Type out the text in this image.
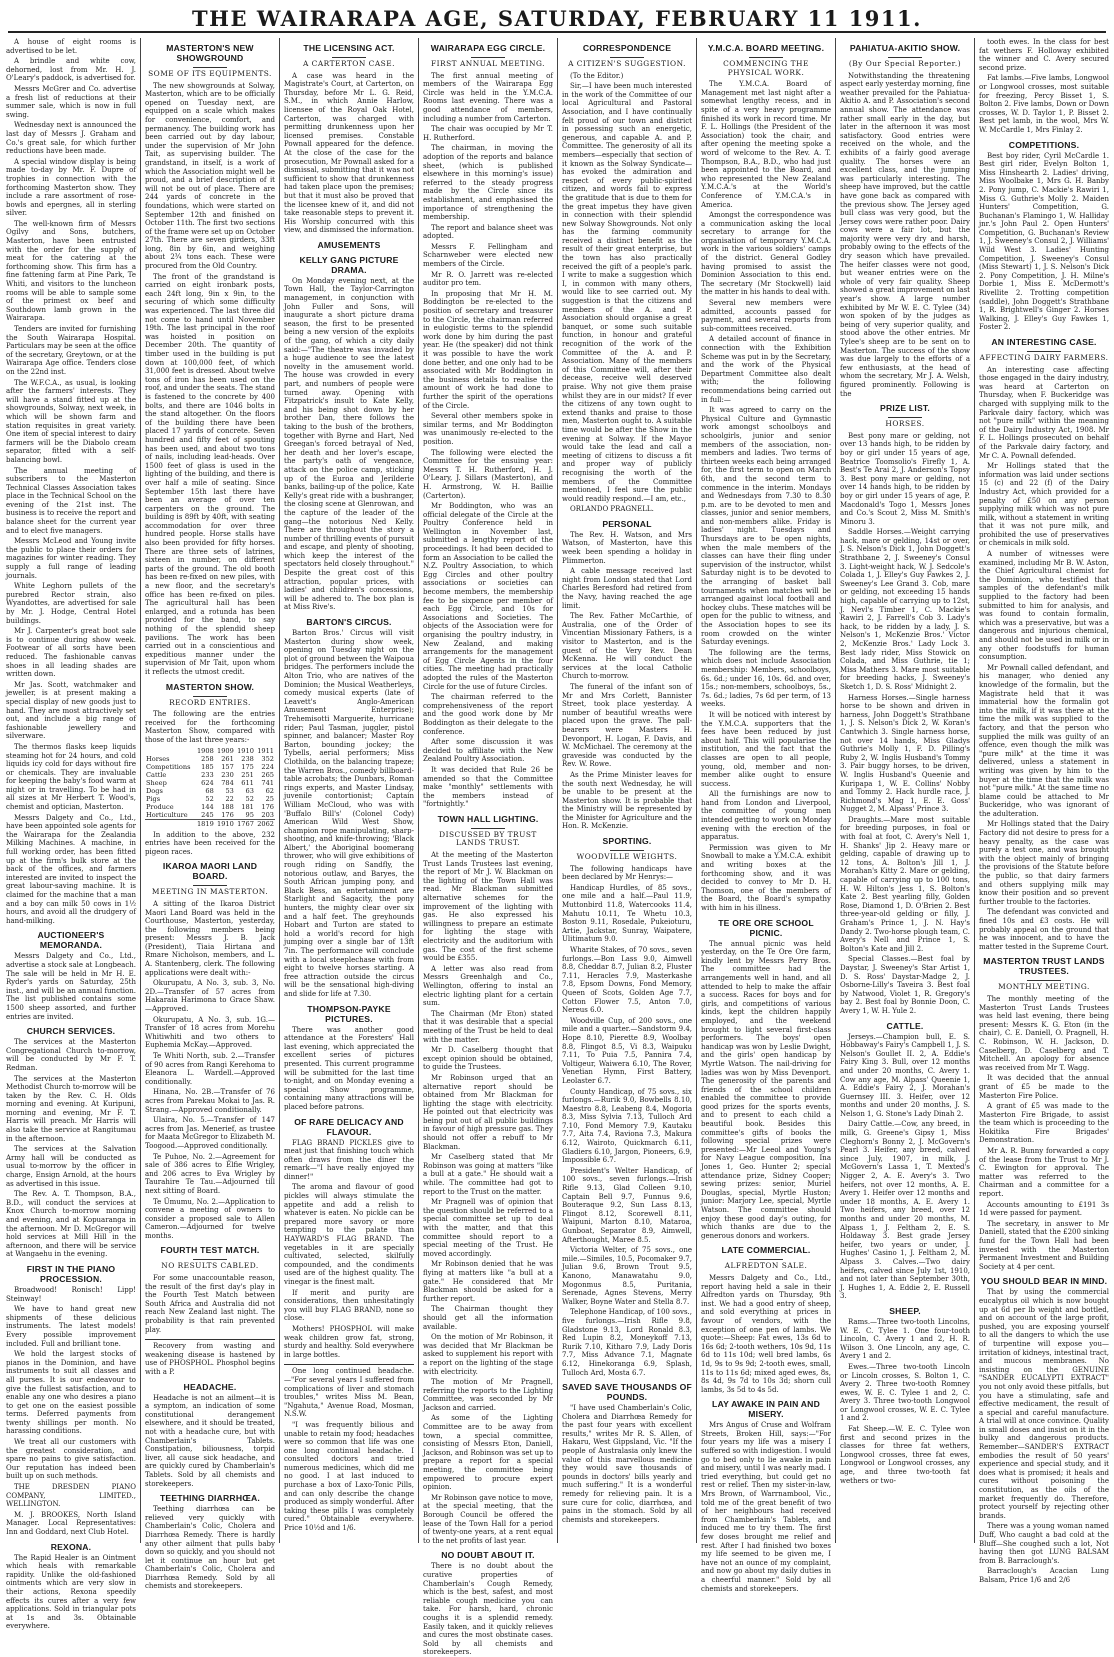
THE WAIRARAPA AGE, SATURDAY, FEBRUARY 11 1911.

A house of eight rooms is advertised to be let.

A brindle and white cow, dehorned, lost from Mr. H. J. O'Leary's paddock, is advertised for.

Messrs McGrer and Co. advertise a fresh list of reductions at their summer sale, which is now in full swing.

Wednesday next is announced the last day of Messrs J. Graham and Co.'s great sale, for which further reductions have been made.

A special window display is being made to-day by Mr. F. Dupre of trophies in connection with the forthcoming Masterton show. They include a rare assortment of rose-bowls and epergnes, all in sterling silver.

The well-known firm of Messrs Ogilvy and Sons, butchers, Masterton, have been entrusted with the order for the supply of meat for the catering at the forthcoming show. This firm has a fine fattening farm at Pine Park, Te Whiti, and visitors to the luncheon rooms will be able to sample some of the primest ox beef and Southdown lamb grown in the Wairarapa.

Tenders are invited for furnishing the South Wairarapa Hospital. Particulars may be seen at the office of the secretary, Greytown, or at the Wairarapa Age office. Tenders close on the 22nd inst.

The W.F.C.A., as usual, is looking after the farmers' interests. They will have a stand fitted up at the showgrounds, Solway, next week, in which will be shown farm and station requisites in great variety. One item of special interest to dairy farmers will be the Diabolo cream separator, fitted with a self-balancing bowl.

The annual meeting of subscribers to the Masterton Technical Classes Association takes place in the Technical School on the evening of the 21st inst. The business is to receive the report and balance sheet for the current year and to elect five managers.

Messrs McLeod and Young invite the public to place their orders for magazines for winter reading. They supply a full range of leading journals.

White Leghorn pullets of the purebred Rector strain, also Wyandottes, are advertised for sale by Mr. J. Hodge, Central Hotel buildings.

Mr J. Carpenter's great boot sale is to continue during show week. Footwear of all sorts have been reduced. The fashionable canvas shoes in all leading shades are written down.

Mr Jas. Scott, watchmaker and jeweller, is at present making a special display of new goods just to hand. They are most attractively set out, and include a big range of fashionable jewellery and silverware.

The thermos flasks keep liquids steaming hot for 24 hours, and cold liquids icy cold for days without fire or chemicals. They are invaluable for keeping the baby's food warm at night or in travelling. To be had in all sizes at Mr Herbert T. Wood's, chemist and optician, Masterton.

Messrs Dalgety and Co., Ltd., have been appointed sole agents for the Wairarapa for the Zealandia Milking Machines. A machine, in full working order, has been fitted up at the firm's bulk store at the back of the offices, and farmers interested are invited to inspect the great labour-saving machine. It is claimed for the machine that a man and a boy can milk 50 cows in 1½ hours, and avoid all the drudgery of hand-milking.

AUCTIONEER'S MEMORANDA.

Messrs Dalgety and Co., Ltd., advertise a stock sale at Longbeach. The sale will be held in Mr H. E. Ryder's yards on Saturday, 25th inst., and will be an annual function. The list published contains some 1500 sheep assorted, and further entries are invited.

CHURCH SERVICES.

The services at the Masterton Congregational Church to-morrow, will be conducted by Mr F. T. Redman.

The services at the Masterton Methodist Church to-morrow will be taken by the Rev. C. H. Olds morning and evening. At Kuripuni, morning and evening, Mr F. T. Harris will preach. Mr Harris will also take the service at Rangitumau in the afternoon.

The services at the Salvation Army hall will be conducted as usual to-morrow by the officer in charge, Ensign Arnold, at the hours as advertised in this issue.

The Rev. A. T. Thompson, B.A., B.D., will conduct the services at Knox Church to-morrow morning and evening, and at Kopuaranga in the afternoon. Mr D. McGregor will hold services at Mill Hill in the afternoon, and there will be service at Wangaehu in the evening.

FIRST IN THE PIANO PROCESSION.

Broadwood! Ronisch! Lipp! Steinway!

We have to hand great new shipments of these delicious instruments. The latest models! Every possible improvement included. Full and brilliant tone.

We hold the largest stocks of pianos in the Dominion, and have instruments to suit all classes and all purses. It is our endeavour to give the fullest satisfaction, and to enable any one who desires a piano to get one on the easiest possible terms. Deferred payments from twenty shillings per month. No harassing conditions.

We treat all our customers with the greatest consideration, and spare no pains to give satisfaction. Our reputation has indeed been built up on such methods.

THE DRESDEN PIANO COMPANY, LIMITED., WELLINGTON.

M. J. BROOKES, North Island Manager. Local Representatives: Inn and Goddard, next Club Hotel.

REXONA.

The Rapid Healer is an Ointment which heals with remarkable rapidity. Unlike the old-fashioned ointments which are very slow in their actions, Rexona speedily effects its cures after a very few applications. Sold in triangular pots at 1s and 3s. Obtainable everywhere.

MASTERTON'S NEW SHOWGROUND
SOME OF ITS EQUIPMENTS.

The new showgrounds at Solway, Masterton, which are to be officially opened on Tuesday next, are equipped on a scale which makes for convenience, comfort, and permanency. The building work has been carried out by day labour, under the supervision of Mr John Tait, as supervising builder. The grandstand, in itself, is a work of which the Association might well be proud, and a brief description of it will not be out of place. There are 244 yards of concrete in the foundations, which were started on September 12th and finished on October 11th. The first two sections of the frame were set up on October 27th. There are seven girders, 33ft long, 8in by 6in, and weighing about 2¾ tons each. These were procured from the Old Country.

The front of the grandstand is carried on eight ironbark posts, each 24ft long, 9in x 9in, to the securing of which some difficulty was experienced. The last three did not come to hand until November 19th. The last principal in the roof was hoisted in position on December 20th. The quantity of timber used in the building is put down at 100,000 feet, of which 31,000 feet is dressed. About twelve tons of iron has been used on the roof, and under the seats. The stand is fastened to the concrete by 400 bolts, and there are 1046 bolts in the stand altogether. On the floors of the building there have been placed 17 yards of concrete. Seven hundred and fifty feet of spouting has been used, and about two tons of nails, including lead-heads. Over 1500 feet of glass is used in the lighting of the building, and there is over half a mile of seating. Since September 15th last there have been an average of over ten carpenters on the ground. The building is 89ft by 40ft, with seating accommodation for over three hundred people. Horse stalls have also been provided for fifty horses. There are three sets of latrines, sixteen in number, on different parts of the ground. The old booth has been re-fixed on new piles, with a new floor, and the secretary's office has been re-fixed on piles. The agricultural hall has been enlarged, and a rotunda has been provided for the band, to say nothing of the splendid sheep pavilions. The work has been carried out in a conscientious and expeditious manner under the supervision of Mr Tait, upon whom it reflects the utmost credit.

MASTERTON SHOW.
RECORD ENTRIES.

The following are the entries received for the forthcoming Masterton Show, compared with those of the last three years:-

	1908	1909	1910	1911
Horses	258	261	238	352
Competitions	185	157	175	224
Cattle	233	230	251	265
Sheep	624	784	611	741
Dogs	68	53	63	62
Pigs	52	22	52	25
Produce	144	188	181	176
Horticulture	245	176	95	203
	1819	1910	1767	2062

In addition to the above, 232 entries have been received for the pigeon races.

IKAROA MAORI LAND BOARD.
MEETING IN MASTERTON.

A sitting of the Ikaroa District Maori Land Board was held in the Courthouse, Masterton, yesterday, the following members being present: Messrs J. B. Jack (President), Tiaia Hirtana and Rmare Nicholson, members, and L. A. Stantenberg, clerk. The following applications were dealt with:-

Okurupatu, A No. 3, sub. 3, No. 2D.—Transfer of 57 acres from Hakaraia Harimona to Grace Shaw.—Approved.

Okurupatu, A No. 3, sub. 1G.—Transfer of 18 acres from Morehu Whitiwhiti and two others to Euphemia McKay.—Approved.

Te Whiti North, sub. 2.—Transfer of 90 acres from Rangi Kerehoma to Eleanora L. Wardell.—Approved conditionally.

Hinana, No. 2B.—Transfer of 76 acres from Parekau Mokai to Jas. R. Strang.—Approved conditionally.

Ulaira, No. 5.—Transfer of 147 acres from Jas. Menerief, as trustee for Maata McGregor to Elizabeth M. Toogood.—Approved conditionally.

Te Puhoe, No. 2.—Agreement for sale of 386 acres to Elfie Wrigley, and 206 acres to Eva Wrigley by Taurahire Te Tau.—Adjourned till next sitting of Board.

Te Ümumu, No. 2.—Application to convene a meeting of owners to consider a proposed sale to Allen Cameron.—Adjourned for twelve months.

FOURTH TEST MATCH.
NO RESULTS CABLED.

For some unaccountable reason, the result of the first day's play in the Fourth Test Match between South Africa and Australia did not reach New Zealand last night. The probability is that rain prevented play.

Recovery from wasting and weakening disease is hastened by use of PHOSPHOL. Phosphol begins with a P.

HEADACHE.

Headache is not an ailment—it is a symptom, an indication of some constitutional derangement elsewhere, and it should be treated, not with a headache cure, but with Chamberlain's Tablets. Constipation, biliousness, torpid liver, all cause sick headache, and are quickly cured by Chamberlain's Tablets. Sold by all chemists and storekeepers.

TEETHING DIARRHŒA.

Teething diarrhœa can be relieved very quickly with Chamberlain's Colic, Cholera and Diarrhœa Remedy. There is hardly any other ailment that pulls baby down so quickly, and you should not let it continue an hour but get Chamberlain's Colic, Cholera and Diarrhœa Remedy. Sold by all chemists and storekeepers.

THE LICENSING ACT.
A CARTERTON CASE.

A case was heard in the Magistrate's Court, at Carterton, on Thursday, before Mr L. G. Reid, S.M., in which Annie Harlow, licensee of the Royal Oak Hotel, Carterton, was charged with permitting drunkenness upon her licensed premises. Constable Pownall appeared for the defence. At the close of the case for the prosecution, Mr Pownall asked for a dismissal, submitting that it was not sufficient to show that drunkenness had taken place upon the premises; but that it must also be proved that the licensee knew of it, and did not take reasonable steps to prevent it. His Worship concurred with this view, and dismissed the information.

AMUSEMENTS
KELLY GANG PICTURE DRAMA.

On Monday evening next, at the Town Hall, the Taylor-Carrington management, in conjunction with John Fuller and Sons, will inaugurate a short picture drama season, the first to be presented being a new version of the exploits of the gang, of which a city daily said:—"The theatre was invaded by a huge audience to see the latest novelty in the amusement world. The house was crowded in every part, and numbers of people were turned away. Opening with Fitzpatrick's insult to Kate Kelly, and his being shot down by her brother Dan, there follows the taking to the bush of the brothers, together with Byrne and Hart, Ned Greegan's forced betrayal of Ned, her death and her lover's escape, the party's oath of vengeance, attack on the police camp, sticking up of the Euroa and Jerilderie banks, bailing-up of the police, Kate Kelly's great ride with a bushranger, the closing scene at Glenrowan, and the capture of the leader of the gang—the notorious Ned Kelly. There are throughout the story a number of thrilling events of pursuit and escape, and plenty of shooting, which keep the interest of the spectators held closely throughout." Despite the great cost of this attraction, popular prices, with ladies' and children's concessions, will be adhered to. The box plan is at Miss Rive's.

BARTON'S CIRCUS.

Barton Bros.' Circus will visit Masterton during show week, opening on Tuesday night on the plot of ground between the Waipoua bridges. The performers include the Alton Trio, who are natives of the Dominion; the Musical Weatherleys, comedy musical experts (late of Leavett's Anglo-American Amusement Enterprise); Trehemisotti Marguerite, hurricane rider; Paul Tasman, juggler, pistol spinner, and balancer; Master Roy Barton, bounding jockey; the Tybells, aerial performers; Miss Clothilda, on the balancing trapeze; the Warren Bros., comedy billboard-table acrobats; the Dunbars, Roman rings experts, and Master Lindsay, juvenile contortionist; Captain William McCloud, who was with 'Buffalo Bill's' (Colonel Cody) American Wild West Show, champion rope manipulating, sharp-shooting, and knife-throwing; 'Black Albert,' the Aboriginal boomerang thrower, who will give exhibitions of rough riding on Sandfly, the notorious outlaw, and Baryes, the South African jumping pony, and Black Bess, an entertainment are Starlight and Sagacity, the pony hunters, the mighty clear over six and a half feet. The greyhounds Hobart and Turton are stated to hold a world's record for high jumping over a single bar of 13ft 7in. The performance will conclude with a local steeplechase with from eight to twelve horses starting. A free attraction outside the circus will be the sensational high-diving and slide for life at 7.30.

THOMPSON-PAYKE PICTURES.

There was another good attendance at the Foresters' Hall last evening, which appreciated the excellent series of pictures presented. This current programme will be submitted for the last time to-night, and on Monday evening a special Show programme, containing many attractions will be placed before patrons.

OF RARE DELICACY AND FLAVOUR.

FLAG BRAND PICKLES give to meat just that finishing touch which often draws from the diner the remark—"I have really enjoyed my dinner!"

The aroma and flavour of good pickles will always stimulate the appetite and add a relish to whatever is eaten. No pickle can be prepared more savory or more tempting to the palate than HAYWARD'S FLAG BRAND. The vegetables in it are specially cultivated, selected, skilfully compounded, and the condiments used are of the highest quality. The vinegar is the finest malt.

If merit and purity are considerations, then unhesitatingly you will buy FLAG BRAND, none so close.

Mothers! PHOSPHOL will make weak children grow fat, strong, sturdy and healthy. Sold everywhere in large bottles.

One long continued headache.—"For several years I suffered from complications of liver and stomach troubles," writes Miss M. Bean, "Ngahuta," Avenue Road, Mosman, N.S.W.

"I was frequently bilious and unable to retain my food; headaches were so common that life was one one long continual headache. I consulted doctors and tried numerous medicines, which did me no good. I at last induced to purchase a box of Laxo-Tonic Pills, and can only describe the change produced as simply wonderful. After taking these pills I was completely cured." Obtainable everywhere. Price 10½d and 1/6.

WAIRARAPA EGG CIRCLE.
FIRST ANNUAL MEETING.

The first annual meeting of members of the Wairarapa Egg Circle was held in the Y.M.C.A. Rooms last evening. There was a good attendance of members, including a number from Carterton.

The chair was occupied by Mr T. H. Rutherford.

The chairman, in moving the adoption of the reports and balance sheet, (which is published elsewhere in this morning's issue) referred to the steady progress made by the Circle since its establishment, and emphasised the importance of strengthening the membership.

The report and balance sheet was adopted.

Messrs F. Fellingham and Scharnweber were elected new members of the Circle.

Mr R. O. Jarrett was re-elected auditor pro tem.

In proposing that Mr H. M. Boddington be re-elected to the position of secretary and treasurer to the Circle, the chairman referred in eulogistic terms to the splendid work done by him during the past year. He (the speaker) did not think it was possible to have the work done better, and one only had to be associated with Mr Boddington in the business details to realise the amount of work he had done to further the spirit of the operations of the Circle.

Several other members spoke in similar terms, and Mr Boddington was unanimously re-elected to the position.

The following were elected the Committee for the ensuing year: Messrs T. H. Rutherford, H. J. O'Leary, J. Sillars (Masterton), and H. Armstrong, W. H. Baillie (Carterton).

Mr Boddington, who was an official delegate of the Circle at the Poultry Conference held in Wellington in November last, submitted a lengthy report of the proceedings. It had been decided to form an Association to be called the N.Z. Poultry Association, to which Egg Circles and other poultry associations or societies can become members, the membership fee to be sixpence per member of each Egg Circle, and 10s for Associations and Societies. The objects of the Association were for organising the poultry industry, in New Zealand, and making arrangements for the management of Egg Circle Agents in the four cities. The meeting had practically adopted the rules of the Masterton Circle for the use of future Circles.

The chairman referred to the comprehensiveness of the report and the good work done by Mr Boddington as their delegate to the conference.

After some discussion it was decided to affiliate with the New Zealand Poultry Association.

It was decided that Rule 26 be amended so that the Committee make "monthly" settlements with the members instead of "fortnightly."

TOWN HALL LIGHTING.
DISCUSSED BY TRUST LANDS TRUST.

At the meeting of the Masterton Trust Lands Trustees last evening, the report of Mr J. W. Blackman on the lighting of the Town Hall was read. Mr Blackman submitted alternative schemes for the improvement of the lighting with gas. He also expressed his willingness to prepare an estimate for lighting the stage with electricity and the auditorium with gas. The cost of the first scheme would be £355.

A letter was also read from Messrs Greenhalgh and Co., Wellington, offering to instal an electric lighting plant for a certain sum.

The Chairman (Mr Eton) stated that it was desirable that a special meeting of the Trust be held to deal with the matter.

Mr D. Caselberg thought that except opinion should be obtained, to guide the Trustees.

Mr Robinson urged that an alternative report should be obtained from Mr Blackman for lighting the stage with electricity. He pointed out that electricity was being put out of all public buildings in favour of high pressure gas. They should not offer a rebuff to Mr Blackman.

Mr Caselberg stated that Mr Robinson was going at matters "like a bull at a gate." He should wait a while. The committee had got to report to the Trust on the matter.

Mr Pragnell was of opinion that the question should be referred to a special committee set up to deal with the matter, and that this committee should report to a special meeting of the Trust. He moved accordingly.

Mr Robinson denied that he was flying at matters like "a bull at a gate." He considered that Mr Blackman should be asked for a further report.

The Chairman thought they should get all the information available.

On the motion of Mr Robinson, it was decided that Mr Blackman be asked to supplement his report with a report on the lighting of the stage with electricity.

The motion of Mr Pragnell, referring the reports to the Lighting Committee, was seconded by Mr Jackson and carried.

As some of the Lighting Committee are to be away from town, a special committee, consisting of Messrs Eton, Daniell, Jackson, and Robinson was set up to prepare a report for a special meeting, the committee being empowered to procure expert opinion.

Mr Robinson gave notice to move, at the special meeting, that the Borough Council be offered the lease of the Town Hall for a period of twenty-one years, at a rent equal to the net profits of last year.

NO DOUBT ABOUT IT.

There is no doubt about the curative properties of Chamberlain's Cough Remedy, which is the best, safest, and most reliable cough medicine you can take. For harsh, hard, chronic coughs it is a splendid remedy. Easily taken, and it quickly relieves and cures the most obstinate cases. Sold by all chemists and storekeepers.

CORRESPONDENCE
A CITIZEN'S SUGGESTION.

(To the Editor.)

Sir,—I have been much interested in the work of the Committee of our local Agricultural and Pastoral Association, and I have continually felt proud of our town and district in possessing such an energetic, generous, and capable A. and P. Committee. The generosity of all its members—especially that section of it known as the Solway Syndicate—has evoked the admiration and respect of every public-spirited citizen, and words fail to express the gratitude that is due to them for the great impetus they have given in connection with their splendid new Solway Showgrounds. Not only has the farming community received a distinct benefit as the result of their great enterprise, but the town has also practically received the gift of a people's park. I write to make a suggestion which I, in common with many others, would like to see carried out. My suggestion is that the citizens and members of the A. and P. Association should organise a great banquet, or some such suitable function, in honour and grateful recognition of the work of the Committee of the A. and P. Association. Many of the members of this Committee will, after their decease, receive well deserved praise. Why not give them praise whilst they are in our midst? If ever the citizens of any town ought to extend thanks and praise to those men, Masterton ought to. A suitable time would be after the Show in the evening at Solway. If the Mayor would take the lead and call a meeting of citizens to discuss a fit and proper way of publicly recognising the worth of the members of the Committee mentioned, I feel sure the public would readily respond.—I am, etc.,

ORLANDO PRAGNELL.

PERSONAL

The Rev. H. Watson, and Mrs Watson, of Masterton, have this week been spending a holiday in Plimmerton.

A cable message received last night from London stated that Lord Charles Beresford had retired from the Navy, having reached the age limit.

The Rev. Father McCarthie, of Australia, one of the Order of Vincentian Missionary Fathers, is a visitor to Masterton, and is the guest of the Very Rev. Dean McKenna. He will conduct the services at the local Catholic Church to-morrow.

The funeral of the infant son of Mr and Mrs Corlett, Bannister Street, took place yesterday. A number of beautiful wreaths were placed upon the grave. The pall-bearers were Masters H. Devonport, H. Logan, F. Davis, and W. McMichael. The ceremony at the graveside was conducted by the Rev. W. Rowe.

As the Prime Minister leaves for the south next Wednesday, he will be unable to be present at the Masterton show. It is probable that the Ministry will be represented by the Minister for Agriculture and the Hon. R. McKenzie.

SPORTING.
WOODVILLE WEIGHTS.

The following handicaps have been declared by Mr Henrys:—

Handicap Hurdles, of 85 sovs., one mile and a half.—Paul 11.9, Muttonbird 11.8, Watercooks 11.4, Mahutu 10.11, Te Whetu 10.3, Boston 9.11, Rosedale, Pukeioturu, Artie, Jackstar, Sunray, Waipatere, Ulitimatum 9.0.

Wharite Stakes, of 70 sovs., seven furlongs.—Bon Lass 9.0, Aimwell 8.8, Cheddar 8.7, Julian 8.2, Fluster 7.11, Heracles 7.9, Masterkashe 7.8, Epsom Downs, Fond Memory, Queen of Scots, Golden Age 7.7, Cotton Flower 7.5, Anton 7.0, Nereus 6.0.

Woodville Cup, of 200 sovs., one mile and a quarter.—Sandstorm 9.4, Hope 8.10, Pierette 8.9, Woolbay 8.8, Flingot 8.5, Vi 8.3, Waipuku 7.11, To Puia 7.5, Pannira 7.4, Voltigeur, Waiwera 6.10, The Rover, Venetian Hymn, First Battery, Leolaster 6.7.

County Handicap, of 75 sovs., six furlongs.—Rurik 9.0, Bowbells 8.10, Maestro 8.8, Leabeng 8.4, Mogoria 8.3, Miss Sylvia 7.13, Tulloch Ard 7.10, Fond Memory 7.9, Kautaku 7.7, Aita 7.4, Raviona 7.3, Makura 6.12, Wairoto, Quickmarch 6.11, Gladiers 6.10, Jargon, Pioneers, 6.9, Impossible 6.7.

President's Welter Handicap, of 100 sovs., seven furlongs.—Irish Rifle 9.13, Glad Colleen 9.10, Captain Bell 9.7, Funnus 9.6, Bouteraque 9.2, Sun Lass 8.13, Flingot 8.12, Scorewell 8.11, Waipuni, Marton 8.10, Mataroa, Gunboat, Separator 8.9, Aimwell, Afterthought, Maree 8.5.

Victoria Welter, of 75 sovs., one mile.—Similes, 10.5, Pocomaker 9.7, Julian 9.6, Brown Trout 9.5, Kanono, Manawatahu 9.0, Mogonmus 8.5, Puritania, Serenade, Agnes Stevens, Merry Walker, Boyne Water and Stella 8.7.

Telephone Handicap, of 100 sovs., five furlongs.—Irish Rifle 9.8, Gladstone 9.13, Lord Ronald 8.3, Red Lupin 8.2, Moneykoff 7.13, Rurik 7.10, Kitharo 7.9, Lady Doris 7.7, Miss Advance 7.1, Magnate 6.12, Hinekoranga 6.9, Splash, Tulloch Ard, Mosta 6.7.

SAVED SAVE THOUSANDS OF POUNDS.

"I have used Chamberlain's Colic, Cholera and Diarrhœa Remedy for the past four years with excellent results," writes Mr R. S. Allen, of Hakaru, West Gippsland, Vic. "If the people of Australasia only knew the value of this marvellous medicine they would save thousands of pounds in doctors' bills yearly and much suffering." It is a wonderful remedy for relieving pain. It is a sure cure for colic, diarrhœa, and pains in the stomach. Sold by all chemists and storekeepers.

Y.M.C.A. BOARD MEETING.
COMMENCING THE PHYSICAL WORK.

The Y.M.C.A. Board of Management met last night after a somewhat lengthy recess, and in spite of a very heavy programme finished its work in record time. Mr F. L. Hollings (the President of the Association) took the chair, and after opening the meeting spoke a word of welcome to the Rev. A. T. Thompson, B.A., B.D., who had just been appointed to the Board, and who represented the New Zealand Y.M.C.A.'s at the World's Conference of Y.M.C.A.'s in America.

Amongst the correspondence was a communication asking the local secretary to arrange for the organisation of temporary Y.M.C.A. work in the various soldiers' camps of the district. General Godley having promised to assist the Dominion Association to this end. The secretary (Mr Stockwell) laid the matter in his hands to deal with.

Several new members were admitted, accounts passed for payment, and several reports from sub-committees received.

A detailed account of finance in connection with the Exhibition Scheme was put in by the Secretary, and the work of the Physical Department Committee also dealt with; the following recommendations being carried out in full:—

It was agreed to carry on the Physical Culture and Gymnastic work amongst schoolboys and schoolgirls, junior and senior members of the association, non-members and ladies. Two terms of thirteen weeks each being arranged for, the first term to open on March 6th, and the second term to commence in the interim. Mondays and Wednesdays from 7.30 to 8.30 p.m. are to be devoted to men and classes, junior and senior members, and non-members alike. Friday is ladies' night. Tuesdays and Thursdays are to be open nights, when the male members of the classes can have their fling under supervision of the instructor, whilst Saturday night is to be devoted to the arranging of basket ball tournaments when matches will be arranged against local football and hockey clubs. These matches will be open for the public to witness, and the Association hopes to see its room crowded on the winter Saturday evenings.

The following are the terms, which does not include Association membership: Members, schoolboys, 6s. 6d.; under 16, 10s. 6d. and over, 15s.; non-members, schoolboys, 5s., 7s. 6d.; ladies, 7s 6d per term, of 13 weeks.

It will be noticed with interest by the Y.M.C.A. supporters that the fees have been reduced by just about half. This will popularise the institution, and the fact that the classes are open to all people, young, old, member and non-member alike ought to ensure success.

All the furnishings are now to hand from London and Liverpool, the committee of young men intended getting to work on Monday evening with the erection of the apparatus.

Permission was given to Mr Snowball to make a Y.M.C.A. exhibit and writing boxes at the forthcoming show, and it was decided to convey to Mr D. H. Thomson, one of the members of the Board, the Board's sympathy with him in his illness.

TE ORE ORE SCHOOL PICNIC.

The annual picnic was held yesterday, on the Te Ore Ore farm, kindly lent by Messrs Perry Bros. The committee had the arrangements well in hand, and all attended to help to make the affair a success. Races for boys and for girls, and competitions of various kinds, kept the children happily employed, and the weekend brought to light several first-class performers. The boys' open handicap was won by Leslie Dwight, and the girls' open handicap by Myrtle Watson. The nail-driving for ladies was won by Miss Devenport. The generosity of the parents and friends of the school children enabled the committee to provide good prizes for the sports events, and to present to each child a beautiful book. Besides this committee's gifts of books the following special prizes were presented:—Mr Leeol and Young's for Navy League composition, Ina Jones 1, Geo. Hunter 2; special attendance prize, Sidney Cooper; sewing prizes: senior, Muriel Douglas, special, Myrtle Huston; junior: Marjory Lee, special, Myrtle Watson. The committee should enjoy these good day's outing, for which thanks are due to the generous donors and workers.

LATE COMMERCIAL.
ALFREDTON SALE.

Messrs Dalgety and Co., Ltd., report having held a sale in their Alfredton yards on Thursday, 9th inst. We had a good entry of sheep, and sold everything at prices in favour of vendors, with the exception of one pen of lambs. We quote:—Sheep: Fat ewes, 13s 6d to 16s 6d; 2-tooth wethers, 10s 9d, 11s 6d to 11s 10d; well bred lambs, 6s 1d, 9s to 9s 9d; 2-tooth ewes, small, 11s to 11s 6d; mixed aged ewes, 8s, 8s 4d, 9s 7d to 10s 3d; shorn cull lambs, 3s 5d to 4s 5d.

LAY AWAKE IN PAIN AND MISERY.

Mrs Angus of Cruse and Wolfram Streets, Broken Hill, says:—"For four years my life was a misery I suffered so with indigestion. I would go to bed only to lie awake in pain and misery, until I was nearly mad. I tried everything, but could get no rest or relief. Then my sister-in-law, Mrs Brown, of Warrnambool, Vic., told me of the great benefit of two of her neighbours had received from Chamberlain's Tablets, and induced me to try them. The first few doses brought me relief and rest. After I had finished two boxes my life seemed to be given me, I have not an ounce of my complaint, and now go about my daily duties in a cheerful manner." Sold by all chemists and storekeepers.

PAHIATUA-AKITIO SHOW.
(By Our Special Reporter.)

Notwithstanding the threatening aspect early yesterday morning, fine weather prevailed for the Pahiatua-Akitio A. and P. Association's second annual show. The attendance was rather small early in the day, but later in the afternoon it was most satisfactory. Good entries were received on the whole, and the exhibits of a fairly good average quality. The horses were an excellent class, and the jumping was particularly interesting. The sheep have improved, but the cattle have gone back as compared with the previous show. The Jersey aged bull class was very good, but the Jersey cows were rather poor. Dairy cows were a fair lot, but the majority were very dry and harsh, probably owing to the effects of the dry season which have prevailed. The heifer classes were not good, but weaner entries were on the whole of very fair quality. Sheep showed a great improvement on last year's show. A large number exhibited by Mr W. E. C. Tylee (34) won spoken of by the judges as being of very superior quality, and stood above the other entries. Mr Tylee's sheep are to be sent on to Masterton. The success of the show was due largely to the efforts of a few enthusiasts, at the head of whom the secretary, Mr J. A. Welsh, figured prominently. Following is the

PRIZE LIST.
HORSES.

Best pony mare or gelding, not over 13 hands high, to be ridden by boy or girl under 15 years of age, Beatrice Toomsolio's Firefly 1, A. Best's Te Arai 2, J. Anderson's Topsy 3. Best pony mare or gelding, not over 14 hands high, to be ridden by boy or girl under 15 years of age, P. Macdonald's Togo 1, Messrs Jones and Co.'s Scout 2, Miss M. Smith's Minoru 3.

Saddle Horses.—Weight carrying hack, mare or gelding, 14st or over, J. S. Nelson's Dick 1, John Doggett's Strathbane 2, J. Sweeney's Consul 3. Light-weight hack, W. J. Sedcole's Colada 1, J. Elley's Guy Fawkes 2, J. Sweeney's Lee Grand 3. Cob, mare or gelding, not exceeding 15 hands high, capable of carrying up to 12st, J. Nevl's Timber 1, C. Mackie's Rawiri 2, J. Farrell's Cob 3. Lady's hack, to be ridden by a lady, J. S. Nelson's 1, McKenzie Bros.' Victor 2, McKenzie Bros.' Lady Lock 3. Best lady rider, Miss Stowick on Colada, and Miss Guthrie, tie 1; Miss Mathers 3. Mare most suitable for breeding hacks, J. Sweeney's Sketch 1, D. S. Ross' Midnight 2.

Harness Horses.—Single harness horse to be shown and driven in harness, John Doggett's Strathbane 1, J. S. Nelson's Dick 2, W. Koran's Cantwhich 3. Single harness horse, not over 14 hands, Miss Gladys Guthrie's Molly 1, F. D. Pilling's Ruby 2, W. Inglis Husband's Tommy 3. Pair buggy horses, to be driven, W. Inglis Husband's Queenie and Kuripapa 1, W. E. Collins' Nobby and Tommy 2. Hack hurdle race, J. Richmond's Mag 1, E. E. Goss' Nugget 2, M. Alpass' Prince 3.

Draughts.—Mare most suitable for breeding purposes, in foal or with foal at foot, C. Avery's Nell 1, H. Shanks' Jip 2. Heavy mare or gelding, capable of drawing up to 12 tons, A. Bolton's Jill 1, J. Morahan's Kitty 2. Mare or gelding, capable of carrying up to 100 tons, H. W. Hilton's Jess 1, S. Bolton's Kate 2. Best yearling filly, Golden Rose, Diamond 1, D. O'Brien 2. Best three-year-old gelding or filly, J. Graham's Prince 1, J. N. Hay's Dandy 2. Two-horse plough team, C. Avery's Nell and Prince 1, S. Bolton's Kate and Jill 2.

Special Classes.—Best foal by Daystar, J. Sweeney's Star Artist 1, D. S. Ross' Daystar-Madge 2, J. Osborne-Lilly's Taveira 3. Best foal by Natwood, Violet 1, R. Gregory's bay 2. Best foal by Bonnie Doon, C. Avery 1, W. H. Yule 2.

CATTLE.

Jerseys.—Champion bull, E. S. Hobbaway's Fairy's Campbell 1, J. S. Nelson's Goullet II. 2, A. Eddie's Fairy King 3. Bull, over 12 months and under 20 months, C. Avery 1. Cow any age, M. Alpass' Queenie 1, A. Eddie's Fairy 2, J. Morahan's Guernsey III. 3. Heifer, over 12 months and under 20 months, J. S. Nelson 1, G. Stone's Lady Dinah 2.

Dairy Cattle.—Cow, any breed, in milk, G. Greene's Gipsy 1, Miss Cleghorn's Bonny 2, J. McGovern's Pearl 3. Heifer, any breed, calved since July, 1907, in milk, J. McGovern's Lassa 1, T. Mexted's Nigger 2, A. E. Avery's 3. Two heifers, not over 12 months, A. E. Avery 1. Heifer over 12 months and under 18 months, A. E. Avery 1. Two heifers, any breed, over 12 months and under 20 months, M. Alpass 1, J. Feltham 2, E. S. Holdaway 3. Best grade Jersey heifer, two years or under, J. Hughes' Casino 1, J. Feltham 2, M. Alpass 3. Calves.—Two dairy heifers, calved since July 1st, 1910, and not later than September 30th, J. Hughes 1, A. Eddie 2, E. Russell 3.

SHEEP.

Rams.—Three two-tooth Lincolns, W. E. C. Tylee 1. One four-tooth Lincoln, C. Avery 1 and 2, H. R. Wilson 3. One Lincoln, any age, C. Avery 1 and 2.

Ewes.—Three two-tooth Lincoln or Lincoln crosses, S. Bolton 1, C. Avery 2. Three two-tooth Romney ewes, W. E. C. Tylee 1 and 2, C. Avery 3. Three two-tooth Longwool or Longwool crosses, W. E. C. Tylee 1 and 2.

Fat Sheep.—W. E. C. Tylee won first and second prizes in the classes for three fat wethers, Longwool crosses, three fat ewes, Longwool or Longwool crosses, any age, and three two-tooth fat wethers or two-

tooth ewes. In the class for best fat wethers F. Holloway exhibited the winner and C. Avery secured second prize.

Fat lambs.—Five lambs, Longwool or Longwool crosses, most suitable for freezing, Percy Bisset 1, S. Bolton 2. Five lambs, Down or Down crosses, W. D. Taylor 1, P. Bisset 2. Best pet lamb, in the wool, Mrs W. W. McCardle 1, Mrs Finlay 2.

COMPETITIONS.

Best boy rider, Cyril McCardle 1. Best girl rider, Evelyn Bolton 1, Miss Hinshearth 2. Ladies' driving, Miss Woolbake 1, Mrs G. H. Banby 2. Pony jump, C. Mackie's Rawiri 1, Miss G. Guthrie's Molly 2. Maiden Hunters' Competition, G. Buchanan's Flamingo 1, W. Halliday jnr.'s John Paul 2. Open Hunters' Competition, G. Buchanan's Review 1, J. Sweeney's Consul 2, J. Williams' Wild West 3. Ladies' Hunting Competition, J. Sweeney's Consul (Miss Stewart) 1, J. S. Nelson's Dick 2. Pony Competition, J. H. Milne's Dorbie 1, Miss E. McDermott's Rivellite 2. Trotting competition (saddle), John Doggett's Strathbane 1, R. Brightwell's Ginger 2. Horses Walking, J. Elley's Guy Fawkes 1, Foster 2.

AN INTERESTING CASE.
AFFECTING DAIRY FARMERS.

An interesting case affecting those engaged in the dairy industry, was heard at Carterton on Thursday, when F. Buckeridge was charged with supplying milk to the Parkvale dairy factory, which was not "pure milk" within the meaning of the Dairy Industry Act, 1908. Mr F. L. Hollings prosecuted on behalf of the Parkvale dairy factory, and Mr C. A. Pownall defended.

Mr Hollings stated that the information was laid under sections 15 (c) and 22 (f) of the Dairy Industry Act, which provided for a penalty of £50 on any person supplying milk which was not pure milk, without a statement in writing that it was not pure milk, and prohibited the use of preservatives or chemicals in milk sold.

A number of witnesses were examined, including Mr B. W. Aston, the Chief Agricultural chemist for the Dominion, who testified that samples of the defendant's milk supplied to the factory had been submitted to him for analysis, and was found to contain formalin, which was a preservative, but was a dangerous and injurious chemical, and should not be used in milk or in any other foodstuffs for human consumption.

Mr Pownall called defendant, and his manager, who denied any knowledge of the formalin, but the Magistrate held that it was immaterial how the formalin got into the milk, if it was there at the time the milk was supplied to the factory, and that the person who supplied the milk was guilty of an offence, even though the milk was "pure milk" at the time it was delivered, unless a statement in writing was given by him to the buyer at the time that the milk was not "pure milk." At the same time no blame could be attached to Mr Buckeridge, who was ignorant of the adulteration.

Mr Hollings stated that the Dairy Factory did not desire to press for a heavy penalty, as the case was purely a test one, and was brought with the object mainly of bringing the provisions of the Statute before the public, so that dairy farmers and others supplying milk may know their position and so prevent further trouble to the factories.

The defendant was convicted and fined 10s and £3 costs. He will probably appeal on the ground that he was innocent, and to have the matter tested in the Supreme Court.

MASTERTON TRUST LANDS TRUSTEES.
MONTHLY MEETING.

The monthly meeting of the Masterton Trust Lands Trustees was held last evening, there being present: Messrs K. G. Eton (in the chair), C. E. Daniell, O. Pragnell, H. C. Robinson, W. H. Jackson, D. Caselberg, D. Caselberg and T. Mitchell. An apology for absence was received from Mr T. Wagg.

It was decided that the annual grant of £5 be made to the Masterton Fire Police.

A grant of £5 was made to the Masterton Fire Brigade, to assist the team which is proceeding to the Hokitika Fire Brigades' Demonstration.

Mr A. R. Bunny forwarded a copy of the lease from the Trust to Mr J. C. Ewington for approval. The matter was referred to the Chairman and a committee for a report.

Accounts amounting to £191 3s 1d were passed for payment.

The secretary, in answer to Mr Daniell, stated that the £200 sinking fund for the Town Hall had been invested with the Masterton Permanent Investment and Building Society at 4 per cent.

YOU SHOULD BEAR IN MIND.

That by using the commercial eucalyptus oil which is now bought up at 6d per lb weight and bottled, and on account of the large profit, pushed, you are exposing yourself to all the dangers to which the use of turpentine will expose you—irritation of kidneys, intestinal tract, and mucous membranes. No insisting on the GENUINE "SANDER EUCALYPTI EXTRACT" you not only avoid these pitfalls, but you have a stimulating, safe and effective medicament, the result of a special and careful manufacture. A trial will at once convince. Quality in small doses and insist on it in the bulky and dangerous products. Remember—SANDER'S EXTRACT embodies the result of 50 years' experience and special study, and it does what is promised; it heals and cures without poisoning the constitution, as the oils of the market frequently do. Therefore, protect yourself by rejecting other brands.

There was a young woman named Duff, Who caught a bad cold at the Bluff—She coughed such a lot, Not having then got LUNG BALSAM from B. Barraclough's.

Barraclough's Acacian Lung Balsam, Price 1/6 and 2/6
